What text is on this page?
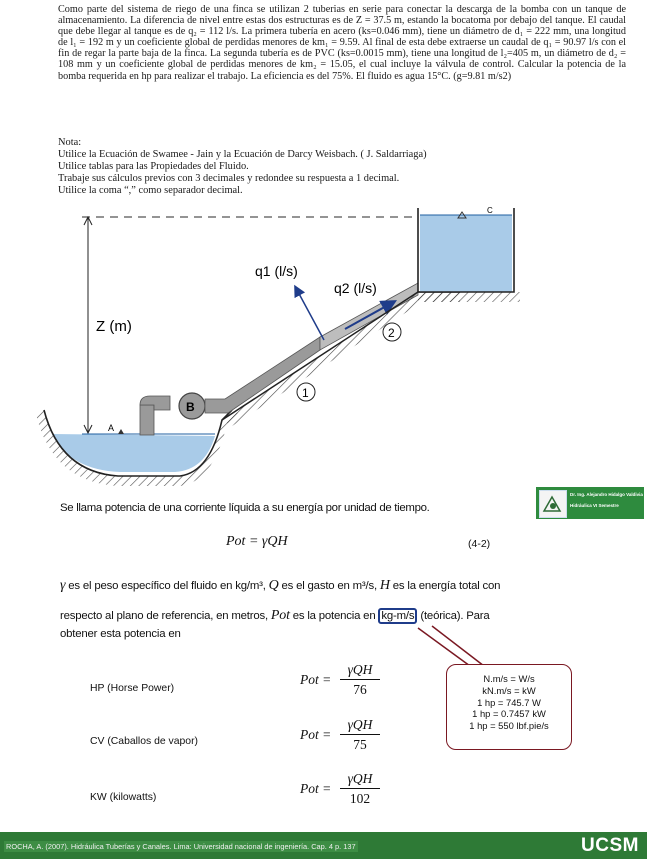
Como parte del sistema de riego de una finca se utilizan 2 tuberias en serie para conectar la descarga de la bomba con un tanque de almacenamiento. La diferencia de nivel entre estas dos estructuras es de Z = 37.5 m, estando la bocatoma por debajo del tanque. El caudal que debe llegar al tanque es de q₂ = 112 l/s. La primera tubería en acero (ks=0.046 mm), tiene un diámetro de d₁ = 222 mm, una longitud de l₁ = 192 m y un coeficiente global de perdidas menores de km₁ = 9.59. Al final de esta debe extraerse un caudal de q₁ = 90.97 l/s con el fin de regar la parte baja de la finca. La segunda tubería es de PVC (ks=0.0015 mm), tiene una longitud de l₂=405 m, un diámetro de d₂ = 108 mm y un coeficiente global de perdidas menores de km₂ = 15.05, el cual incluye la válvula de control. Calcular la potencia de la bomba requerida en hp para realizar el trabajo. La eficiencia es del 75%. El fluido es agua 15°C. (g=9.81 m/s2)

Nota:
Utilice la Ecuación de Swamee - Jain y la Ecuación de Darcy Weisbach. ( J. Saldarriaga)
Utilice tablas para las Propiedades del Fluido.
Trabaje sus cálculos previos con 3 decimales y redondee su respuesta a 1 decimal.
Utilice la coma “,” como separador decimal.
Z (m)
A
B
q1 (l/s)
q2 (l/s)
1
2
C
Dr. Ing. Alejandro Hidalgo Valdivia
Hidráulica VI Semestre
Se llama potencia de una corriente líquida a su energía por unidad de tiempo.
Pot = γQH	(4-2)
γ es el peso específico del fluido en kg/m³, Q es el gasto en m³/s, H es la energía total con
respecto al plano de referencia, en metros, Pot es la potencia en kg-m/s (teórica). Para
obtener esta potencia en
HP (Horse Power)
Pot =
γQH
76
CV (Caballos de vapor)	Pot =
γQH
75
KW (kilowatts)
Pot =
γQH
102
N.m/s = W/s
kN.m/s = kW
1 hp = 745.7 W
1 hp = 0.7457 kW
1 hp = 550 lbf.pie/s
ROCHA, A. (2007). Hidráulica Tuberías y Canales. Lima: Universidad nacional de ingeniería. Cap. 4 p. 137	UCSM
